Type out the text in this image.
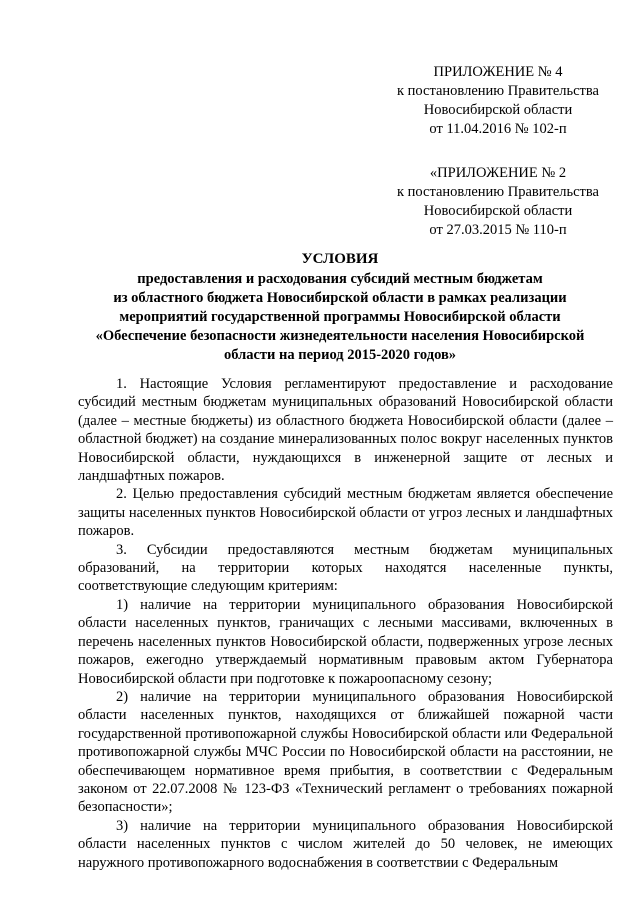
ПРИЛОЖЕНИЕ № 4
к постановлению Правительства
Новосибирской области
от 11.04.2016 № 102-п
«ПРИЛОЖЕНИЕ № 2
к постановлению Правительства
Новосибирской области
от 27.03.2015 № 110-п
УСЛОВИЯ
предоставления и расходования субсидий местным бюджетам
из областного бюджета Новосибирской области в рамках реализации
мероприятий государственной программы Новосибирской области
«Обеспечение безопасности жизнедеятельности населения Новосибирской
области на период 2015-2020 годов»

1. Настоящие Условия регламентируют предоставление и расходование субсидий местным бюджетам муниципальных образований Новосибирской области (далее – местные бюджеты) из областного бюджета Новосибирской области (далее – областной бюджет) на создание минерализованных полос вокруг населенных пунктов Новосибирской области, нуждающихся в инженерной защите от лесных и ландшафтных пожаров.

2. Целью предоставления субсидий местным бюджетам является обеспечение защиты населенных пунктов Новосибирской области от угроз лесных и ландшафтных пожаров.

3. Субсидии предоставляются местным бюджетам муниципальных образований, на территории которых находятся населенные пункты, соответствующие следующим критериям:

1) наличие на территории муниципального образования Новосибирской области населенных пунктов, граничащих с лесными массивами, включенных в перечень населенных пунктов Новосибирской области, подверженных угрозе лесных пожаров, ежегодно утверждаемый нормативным правовым актом Губернатора Новосибирской области при подготовке к пожароопасному сезону;

2) наличие на территории муниципального образования Новосибирской области населенных пунктов, находящихся от ближайшей пожарной части государственной противопожарной службы Новосибирской области или Федеральной противопожарной службы МЧС России по Новосибирской области на расстоянии, не обеспечивающем нормативное время прибытия, в соответствии с Федеральным законом от 22.07.2008 № 123-ФЗ «Технический регламент о требованиях пожарной безопасности»;

3) наличие на территории муниципального образования Новосибирской области населенных пунктов с числом жителей до 50 человек, не имеющих наружного противопожарного водоснабжения в соответствии с Федеральным
